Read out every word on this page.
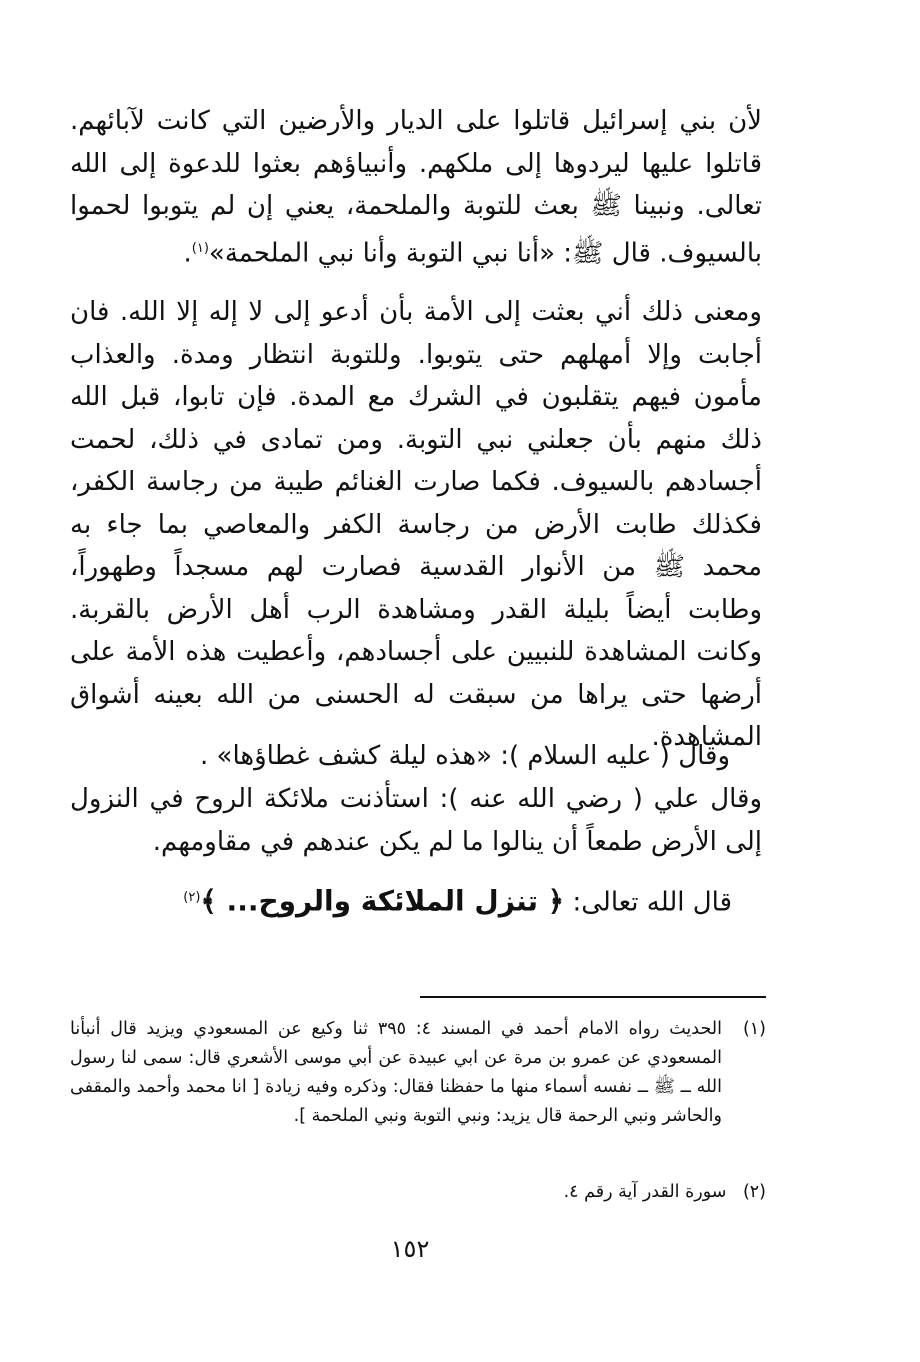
لأن بني إسرائيل قاتلوا على الديار والأرضين التي كانت لآبائهم. قاتلوا عليها ليردوها إلى ملكهم. وأنبياؤهم بعثوا للدعوة إلى الله تعالى. ونبينا ﷺ بعث للتوبة والملحمة، يعني إن لم يتوبوا لحموا بالسيوف. قال ﷺ: «أنا نبي التوبة وأنا نبي الملحمة»$^{(١)}$.

ومعنى ذلك أني بعثت إلى الأمة بأن أدعو إلى لا إله إلا الله. فان أجابت وإلا أمهلهم حتى يتوبوا. وللتوبة انتظار ومدة. والعذاب مأمون فيهم يتقلبون في الشرك مع المدة. فإن تابوا، قبل الله ذلك منهم بأن جعلني نبي التوبة. ومن تمادى في ذلك، لحمت أجسادهم بالسيوف. فكما صارت الغنائم طيبة من رجاسة الكفر، فكذلك طابت الأرض من رجاسة الكفر والمعاصي بما جاء به محمد ﷺ من الأنوار القدسية فصارت لهم مسجداً وطهوراً، وطابت أيضاً بليلة القدر ومشاهدة الرب أهل الأرض بالقربة. وكانت المشاهدة للنبيين على أجسادهم، وأعطيت هذه الأمة على أرضها حتى يراها من سبقت له الحسنى من الله بعينه أشواق المشاهدة.

وقال ( عليه السلام ): «هذه ليلة كشف غطاؤها» .

وقال علي ( رضي الله عنه ): استأذنت ملائكة الروح في النزول إلى الأرض طمعاً أن ينالوا ما لم يكن عندهم في مقاومهم.

قال الله تعالى: ﴿ تنزل الملائكة والروح... ﴾$^{(٢)}$

(١)
الحديث رواه الامام أحمد في المسند ٤: ٣٩٥ ثنا وكيع عن المسعودي ويزيد قال أنبأنا المسعودي عن عمرو بن مرة عن ابي عبيدة عن أبي موسى الأشعري قال: سمى لنا رسول الله ــ ﷺ ــ نفسه أسماء منها ما حفظنا فقال: وذكره وفيه زيادة [ انا محمد وأحمد والمقفى والحاشر ونبي الرحمة قال يزيد: ونبي التوبة ونبي الملحمة ].
(٢) سورة القدر آية رقم ٤.
١٥٢
